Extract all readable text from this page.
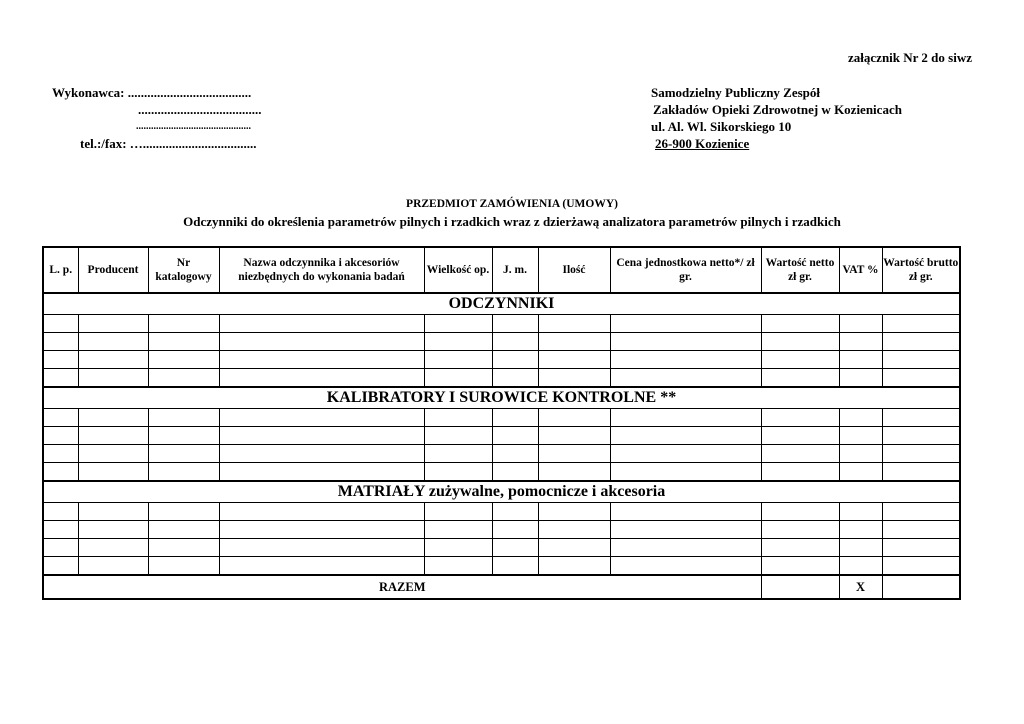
załącznik Nr 2 do siwz
Wykonawca: ......................................
......................................
..............................................
tel.:/fax: …...................................
Samodzielny Publiczny Zespół
Zakładów Opieki Zdrowotnej w Kozienicach
ul. Al. Wl. Sikorskiego 10
26-900 Kozienice
PRZEDMIOT ZAMÓWIENIA (UMOWY)
Odczynniki do określenia parametrów pilnych i rzadkich wraz z dzierżawą analizatora parametrów pilnych i rzadkich
L. p.	Producent	Nr katalogowy	Nazwa odczynnika i akcesoriów niezbędnych do wykonania badań	Wielkość op.	J. m.	Ilość	Cena jednostkowa netto*/ zł gr.	Wartość netto zł gr.	VAT %	Wartość brutto zł gr.
ODCZYNNIKI										

KALIBRATORY I SUROWICE KONTROLNE **										

MATRIAŁY zużywalne, pomocnicze i akcesoria										

RAZEM									X	
